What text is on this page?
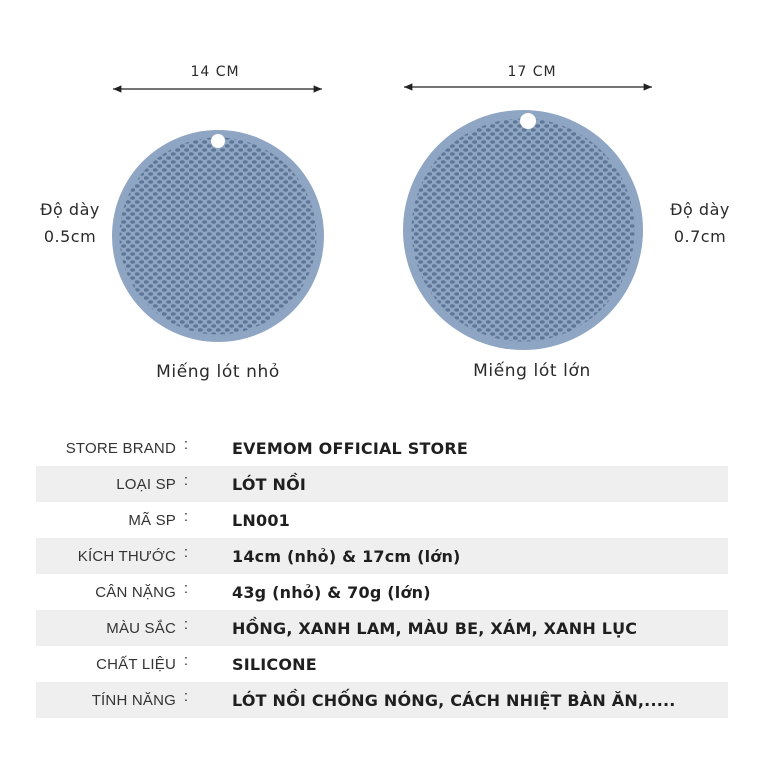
14 CM	17 CM
Độ dày
0.5cm
Độ dày
0.7cm
Miếng lót nhỏ	Miếng lót lớn
STORE BRAND :	EVEMOM OFFICIAL STORE
LOẠI SP :	LÓT NỒI
MÃ SP :	LN001
KÍCH THƯỚC :	14cm (nhỏ) & 17cm (lớn)
CÂN NẶNG :	43g (nhỏ) & 70g (lớn)
MÀU SẮC :	HỒNG, XANH LAM, MÀU BE, XÁM, XANH LỤC
CHẤT LIỆU :	SILICONE
TÍNH NĂNG :	LÓT NỒI CHỐNG NÓNG, CÁCH NHIỆT BÀN ĂN,.....
